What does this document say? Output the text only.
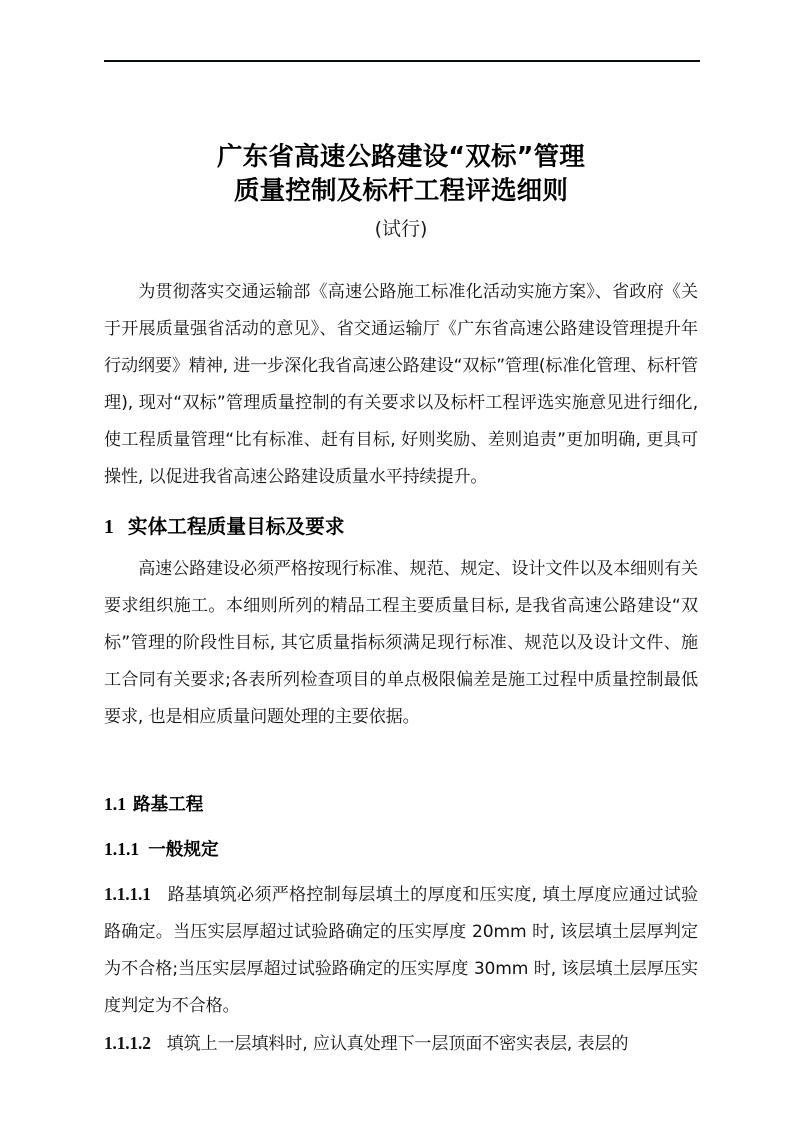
广东省高速公路建设“双标”管理
质量控制及标杆工程评选细则
(试行)

为贯彻落实交通运输部《高速公路施工标准化活动实施方案》、省政府《关于开展质量强省活动的意见》、省交通运输厅《广东省高速公路建设管理提升年行动纲要》精神, 进一步深化我省高速公路建设“双标”管理(标准化管理、标杆管理), 现对“双标”管理质量控制的有关要求以及标杆工程评选实施意见进行细化, 使工程质量管理“比有标准、赶有目标, 好则奖励、差则追责”更加明确, 更具可操性, 以促进我省高速公路建设质量水平持续提升。

1 实体工程质量目标及要求

高速公路建设必须严格按现行标准、规范、规定、设计文件以及本细则有关要求组织施工。本细则所列的精品工程主要质量目标, 是我省高速公路建设“双标”管理的阶段性目标, 其它质量指标须满足现行标准、规范以及设计文件、施工合同有关要求;各表所列检查项目的单点极限偏差是施工过程中质量控制最低要求, 也是相应质量问题处理的主要依据。

1.1 路基工程
1.1.1 一般规定

1.1.1.1 路基填筑必须严格控制每层填土的厚度和压实度, 填土厚度应通过试验路确定。当压实层厚超过试验路确定的压实厚度 20mm 时, 该层填土层厚判定为不合格;当压实层厚超过试验路确定的压实厚度 30mm 时, 该层填土层厚压实度判定为不合格。

1.1.1.2 填筑上一层填料时, 应认真处理下一层顶面不密实表层, 表层的
